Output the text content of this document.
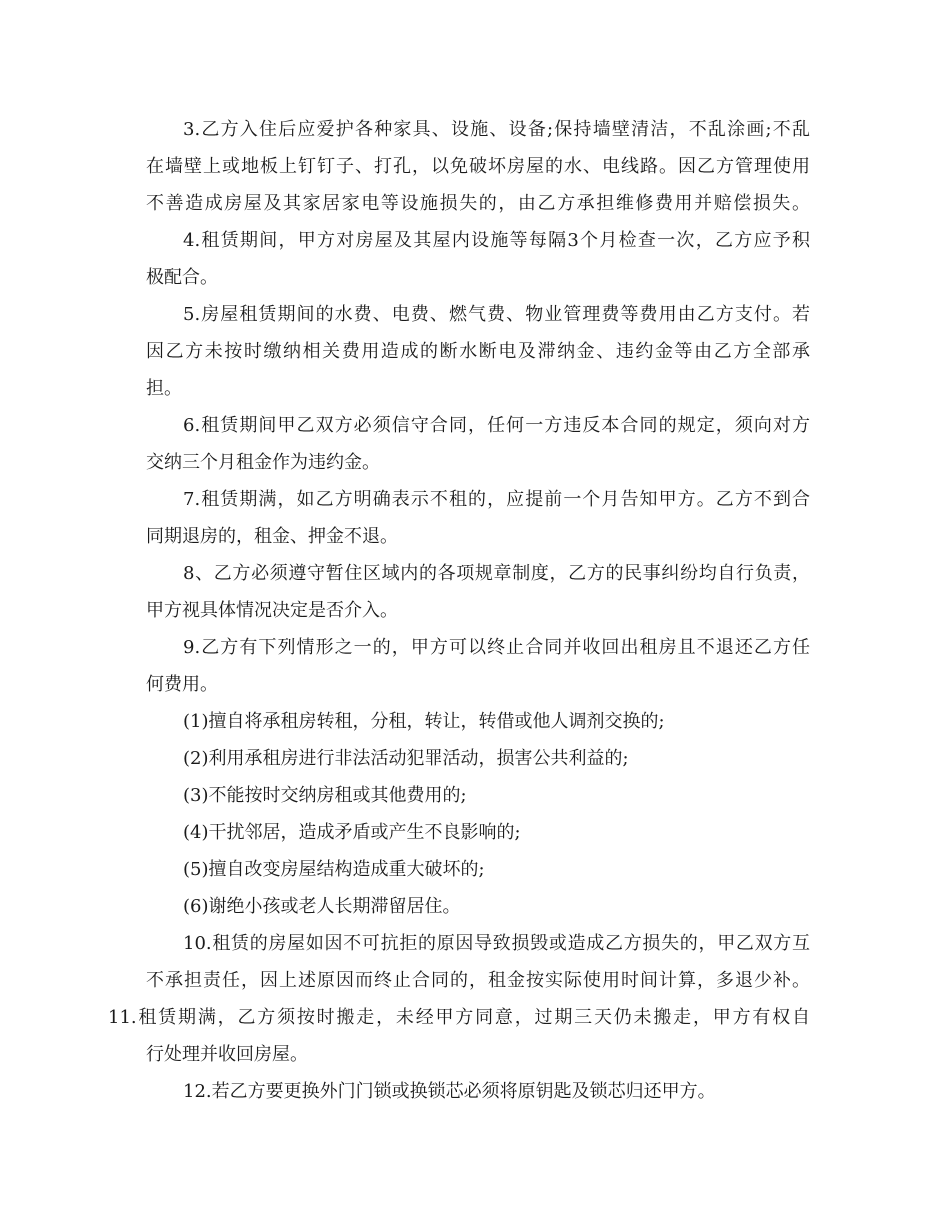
3.乙方入住后应爱护各种家具、设施、设备;保持墙壁清洁，不乱涂画;不乱
在墙壁上或地板上钉钉子、打孔，以免破坏房屋的水、电线路。因乙方管理使用
不善造成房屋及其家居家电等设施损失的，由乙方承担维修费用并赔偿损失。
4.租赁期间，甲方对房屋及其屋内设施等每隔3个月检查一次，乙方应予积
极配合。
5.房屋租赁期间的水费、电费、燃气费、物业管理费等费用由乙方支付。若
因乙方未按时缴纳相关费用造成的断水断电及滞纳金、违约金等由乙方全部承
担。
6.租赁期间甲乙双方必须信守合同，任何一方违反本合同的规定，须向对方
交纳三个月租金作为违约金。
7.租赁期满，如乙方明确表示不租的，应提前一个月告知甲方。乙方不到合
同期退房的，租金、押金不退。
8、乙方必须遵守暂住区域内的各项规章制度，乙方的民事纠纷均自行负责，
甲方视具体情况决定是否介入。
9.乙方有下列情形之一的，甲方可以终止合同并收回出租房且不退还乙方任
何费用。
(1)擅自将承租房转租，分租，转让，转借或他人调剂交换的;
(2)利用承租房进行非法活动犯罪活动，损害公共利益的;
(3)不能按时交纳房租或其他费用的;
(4)干扰邻居，造成矛盾或产生不良影响的;
(5)擅自改变房屋结构造成重大破坏的;
(6)谢绝小孩或老人长期滞留居住。
10.租赁的房屋如因不可抗拒的原因导致损毁或造成乙方损失的，甲乙双方互
不承担责任，因上述原因而终止合同的，租金按实际使用时间计算，多退少补。
11.租赁期满，乙方须按时搬走，未经甲方同意，过期三天仍未搬走，甲方有权自
行处理并收回房屋。
12.若乙方要更换外门门锁或换锁芯必须将原钥匙及锁芯归还甲方。
